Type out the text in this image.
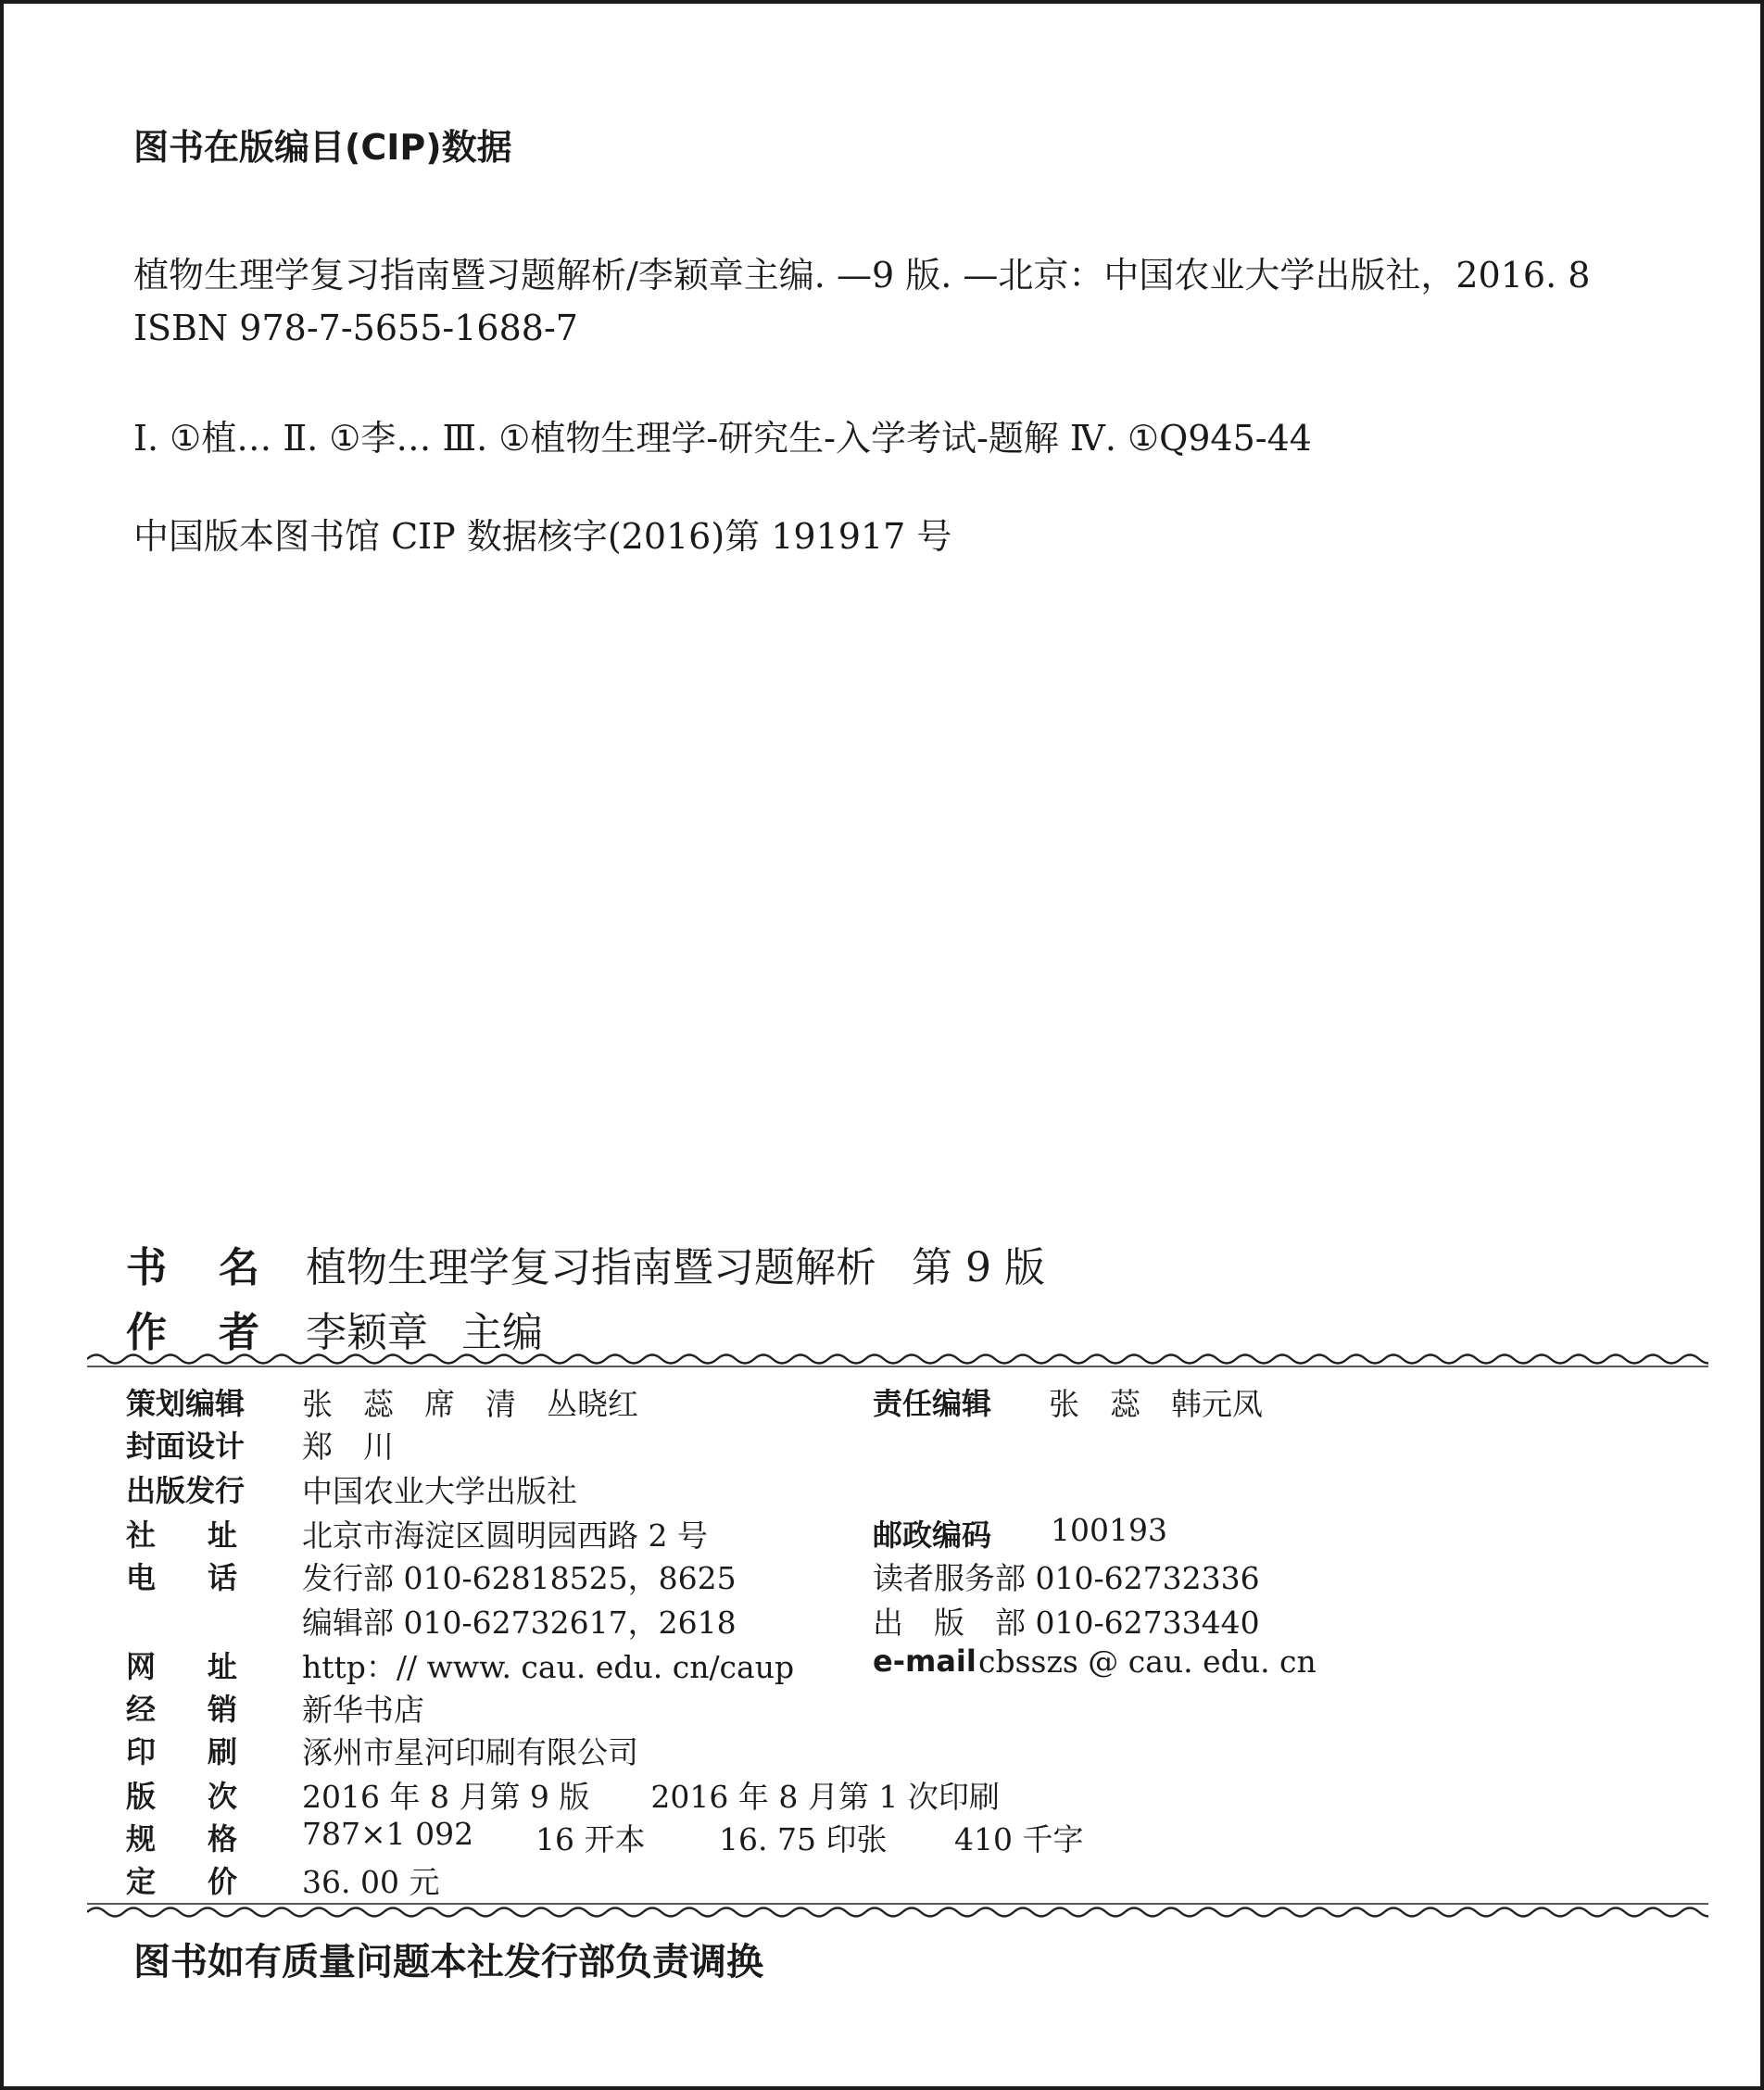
图书在版编目(CIP)数据
植物生理学复习指南暨习题解析/李颖章主编. —9 版. —北京：中国农业大学出版社，2016. 8
ISBN 978-7-5655-1688-7
Ⅰ. ①植… Ⅱ. ①李… Ⅲ. ①植物生理学-研究生-入学考试-题解 Ⅳ. ①Q945-44
中国版本图书馆 CIP 数据核字(2016)第 191917 号
书名
植物生理学复习指南暨习题解析 第 9 版
作者
李颖章 主编
策划编辑 张　蕊　席　清　丛晓红	责任编辑 张　蕊　韩元凤
封面设计 郑　川
出版发行 中国农业大学出版社
社址 北京市海淀区圆明园西路 2 号	邮政编码 100193
电话 发行部 010-62818525，8625	读者服务部 010-62732336
编辑部 010-62732617，2618	出　版　部 010-62733440
网址 http：// www. cau. edu. cn/caup	e-mail cbsszs @ cau. edu. cn
经销 新华书店
印刷 涿州市星河印刷有限公司
版次 2016 年 8 月第 9 版　　2016 年 8 月第 1 次印刷
规格 787×1 092 16 开本 16. 75 印张 410 千字
定价 36. 00 元
图书如有质量问题本社发行部负责调换
